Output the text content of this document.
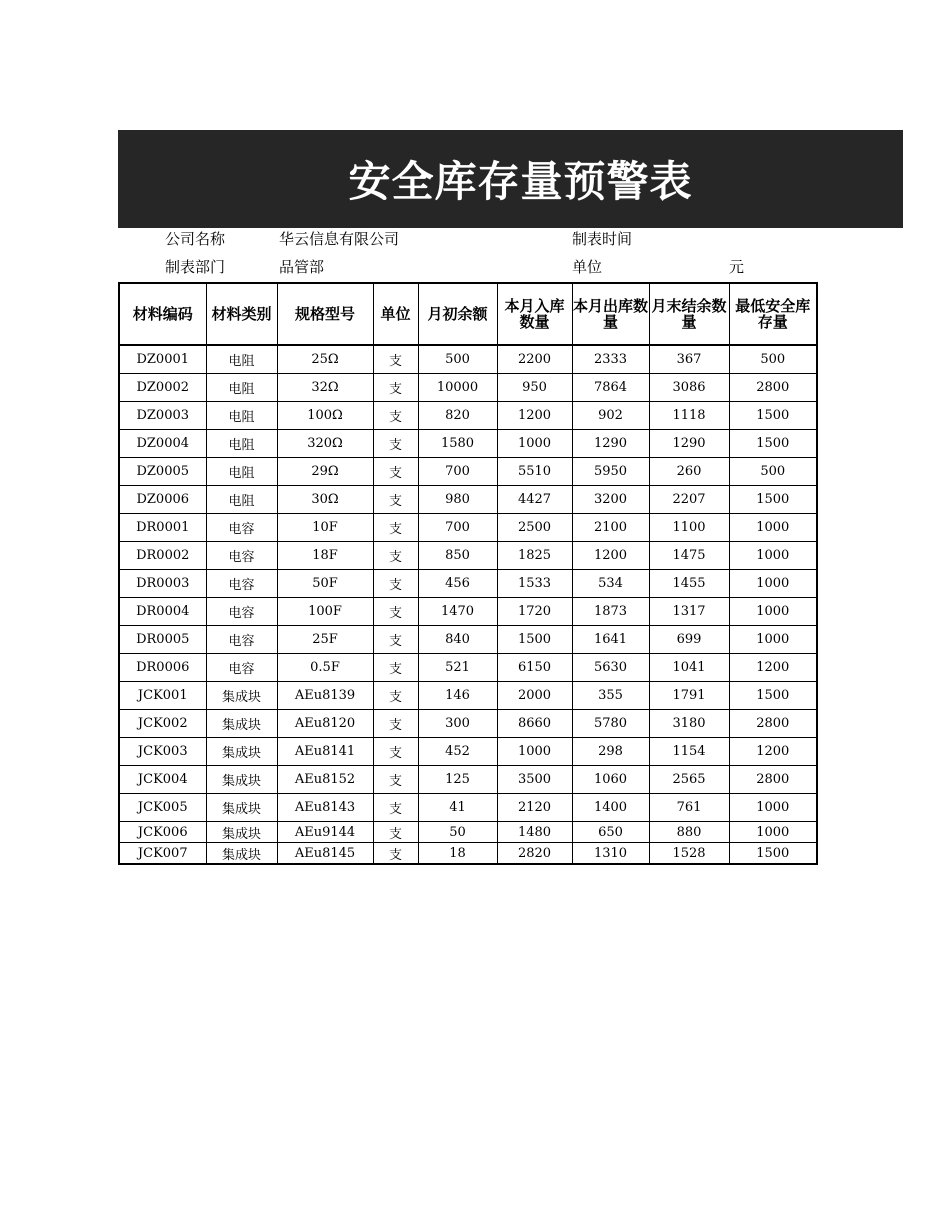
安全库存量预警表
公司名称	华云信息有限公司	制表时间
制表部门	品管部	单位	元
材料编码	材料类别	规格型号	单位	月初余额	本月入库数量	本月出库数量	月末结余数量	最低安全库存量
DZ0001	电阻	25Ω	支	500	2200	2333	367	500
DZ0002	电阻	32Ω	支	10000	950	7864	3086	2800
DZ0003	电阻	100Ω	支	820	1200	902	1118	1500
DZ0004	电阻	320Ω	支	1580	1000	1290	1290	1500
DZ0005	电阻	29Ω	支	700	5510	5950	260	500
DZ0006	电阻	30Ω	支	980	4427	3200	2207	1500
DR0001	电容	10F	支	700	2500	2100	1100	1000
DR0002	电容	18F	支	850	1825	1200	1475	1000
DR0003	电容	50F	支	456	1533	534	1455	1000
DR0004	电容	100F	支	1470	1720	1873	1317	1000
DR0005	电容	25F	支	840	1500	1641	699	1000
DR0006	电容	0.5F	支	521	6150	5630	1041	1200
JCK001	集成块	AEu8139	支	146	2000	355	1791	1500
JCK002	集成块	AEu8120	支	300	8660	5780	3180	2800
JCK003	集成块	AEu8141	支	452	1000	298	1154	1200
JCK004	集成块	AEu8152	支	125	3500	1060	2565	2800
JCK005	集成块	AEu8143	支	41	2120	1400	761	1000
JCK006	集成块	AEu9144	支	50	1480	650	880	1000
JCK007	集成块	AEu8145	支	18	2820	1310	1528	1500
